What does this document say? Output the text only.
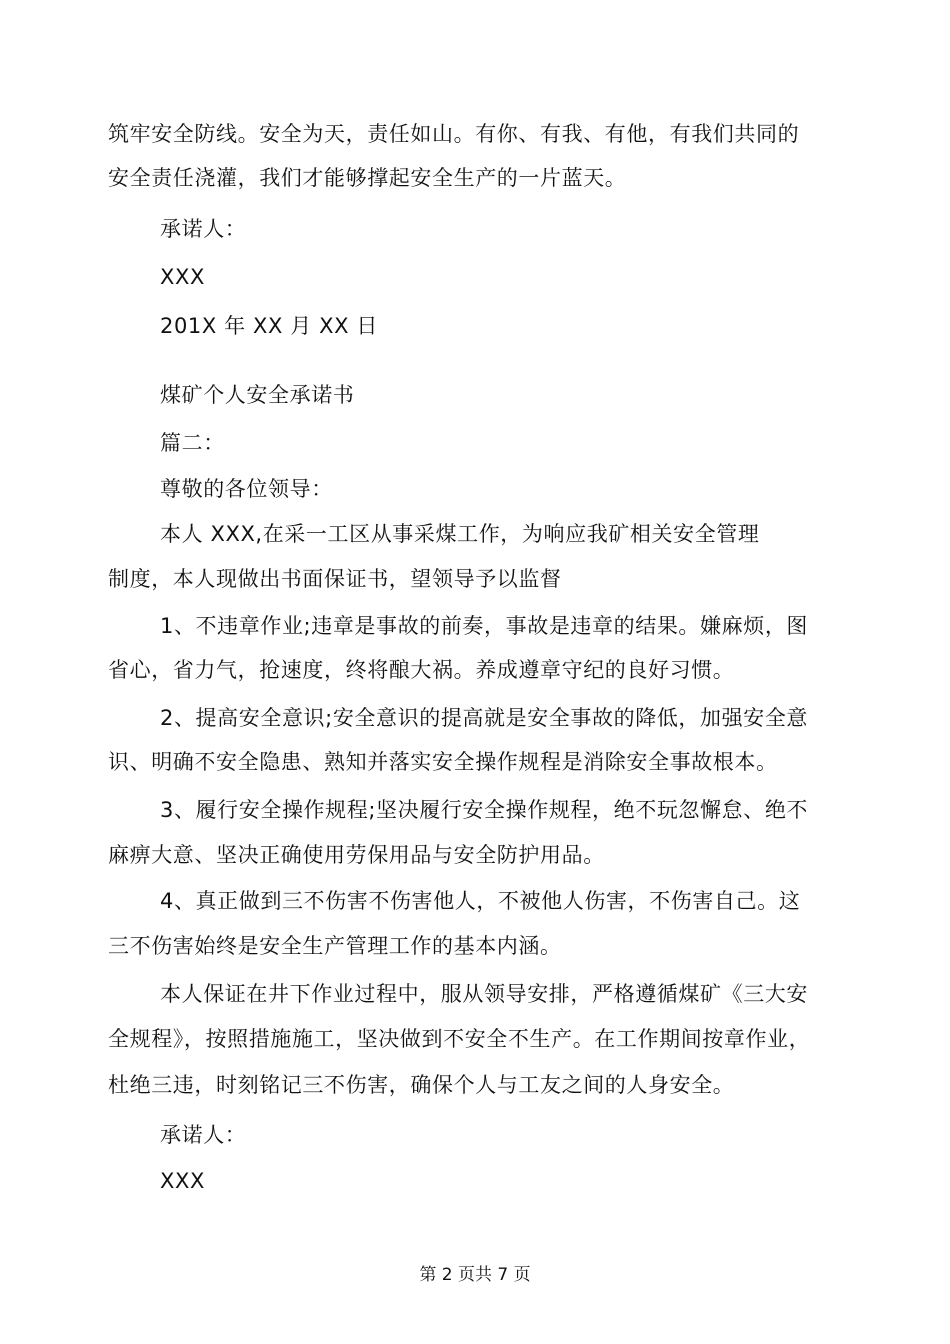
筑牢安全防线。安全为天，责任如山。有你、有我、有他，有我们共同的
安全责任浇灌，我们才能够撑起安全生产的一片蓝天。
承诺人：
XXX
201X 年 XX 月 XX 日
煤矿个人安全承诺书
篇二：
尊敬的各位领导：
本人 XXX,在采一工区从事采煤工作，为响应我矿相关安全管理
制度，本人现做出书面保证书，望领导予以监督
1、不违章作业;违章是事故的前奏，事故是违章的结果。嫌麻烦，图
省心，省力气，抢速度，终将酿大祸。养成遵章守纪的良好习惯。
2、提高安全意识;安全意识的提高就是安全事故的降低，加强安全意
识、明确不安全隐患、熟知并落实安全操作规程是消除安全事故根本。
3、履行安全操作规程;坚决履行安全操作规程，绝不玩忽懈怠、绝不
麻痹大意、坚决正确使用劳保用品与安全防护用品。
4、真正做到三不伤害不伤害他人，不被他人伤害，不伤害自己。这
三不伤害始终是安全生产管理工作的基本内涵。
本人保证在井下作业过程中，服从领导安排，严格遵循煤矿《三大安
全规程》，按照措施施工，坚决做到不安全不生产。在工作期间按章作业，
杜绝三违，时刻铭记三不伤害，确保个人与工友之间的人身安全。
承诺人：
XXX
第 2 页共 7 页
